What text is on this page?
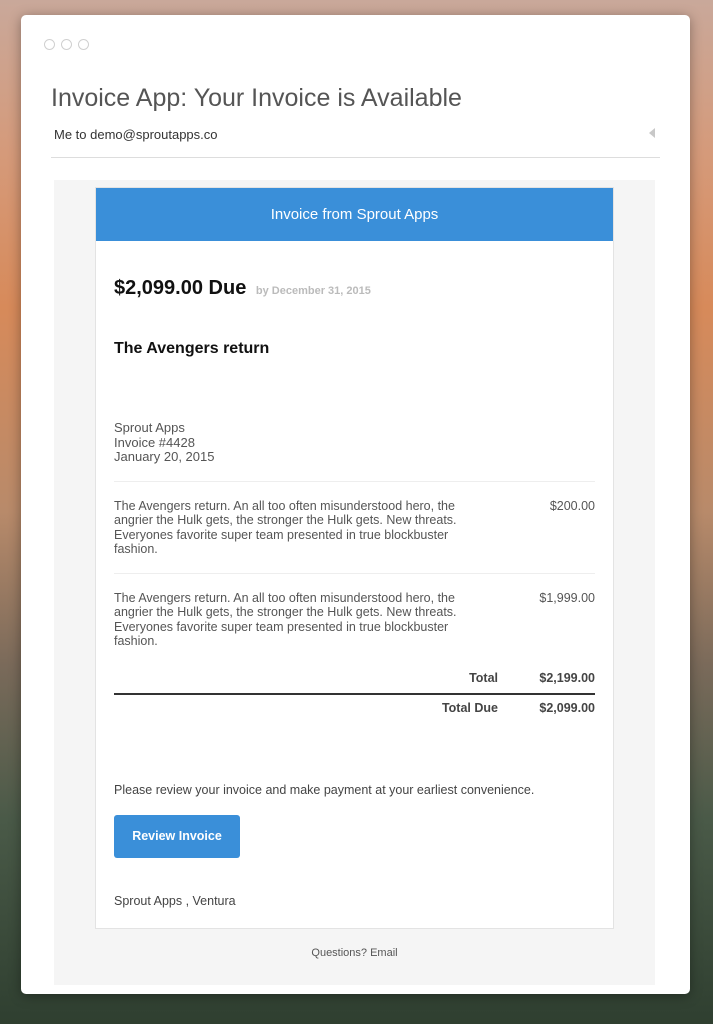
Invoice App: Your Invoice is Available
Me to demo@sproutapps.co
Invoice from Sprout Apps
$2,099.00 Due by December 31, 2015
The Avengers return
Sprout Apps
Invoice #4428
January 20, 2015
The Avengers return. An all too often misunderstood hero, the angrier the Hulk gets, the stronger the Hulk gets. New threats. Everyones favorite super team presented in true blockbuster fashion.
$200.00
The Avengers return. An all too often misunderstood hero, the angrier the Hulk gets, the stronger the Hulk gets. New threats. Everyones favorite super team presented in true blockbuster fashion.
$1,999.00
Total	$2,199.00
Total Due	$2,099.00
Please review your invoice and make payment at your earliest convenience.
Review Invoice
Sprout Apps , Ventura
Questions? Email
